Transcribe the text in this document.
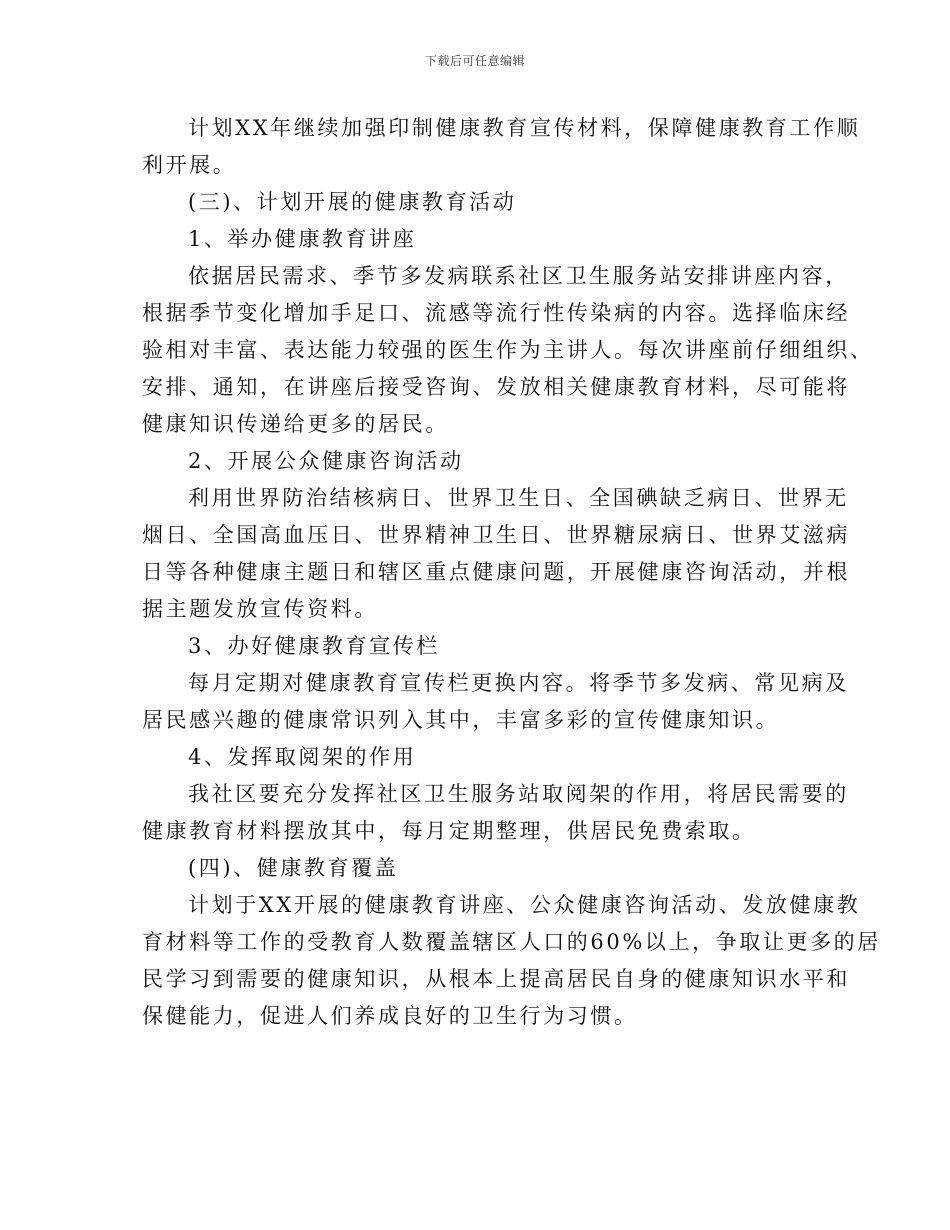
下载后可任意编辑
计划XX年继续加强印制健康教育宣传材料，保障健康教育工作顺
利开展。
(三)、计划开展的健康教育活动
1、举办健康教育讲座
依据居民需求、季节多发病联系社区卫生服务站安排讲座内容，
根据季节变化增加手足口、流感等流行性传染病的内容。选择临床经
验相对丰富、表达能力较强的医生作为主讲人。每次讲座前仔细组织、
安排、通知，在讲座后接受咨询、发放相关健康教育材料，尽可能将
健康知识传递给更多的居民。
2、开展公众健康咨询活动
利用世界防治结核病日、世界卫生日、全国碘缺乏病日、世界无
烟日、全国高血压日、世界精神卫生日、世界糖尿病日、世界艾滋病
日等各种健康主题日和辖区重点健康问题，开展健康咨询活动，并根
据主题发放宣传资料。
3、办好健康教育宣传栏
每月定期对健康教育宣传栏更换内容。将季节多发病、常见病及
居民感兴趣的健康常识列入其中，丰富多彩的宣传健康知识。
4、发挥取阅架的作用
我社区要充分发挥社区卫生服务站取阅架的作用，将居民需要的
健康教育材料摆放其中，每月定期整理，供居民免费索取。
(四)、健康教育覆盖
计划于XX开展的健康教育讲座、公众健康咨询活动、发放健康教
育材料等工作的受教育人数覆盖辖区人口的60%以上，争取让更多的居
民学习到需要的健康知识，从根本上提高居民自身的健康知识水平和
保健能力，促进人们养成良好的卫生行为习惯。
